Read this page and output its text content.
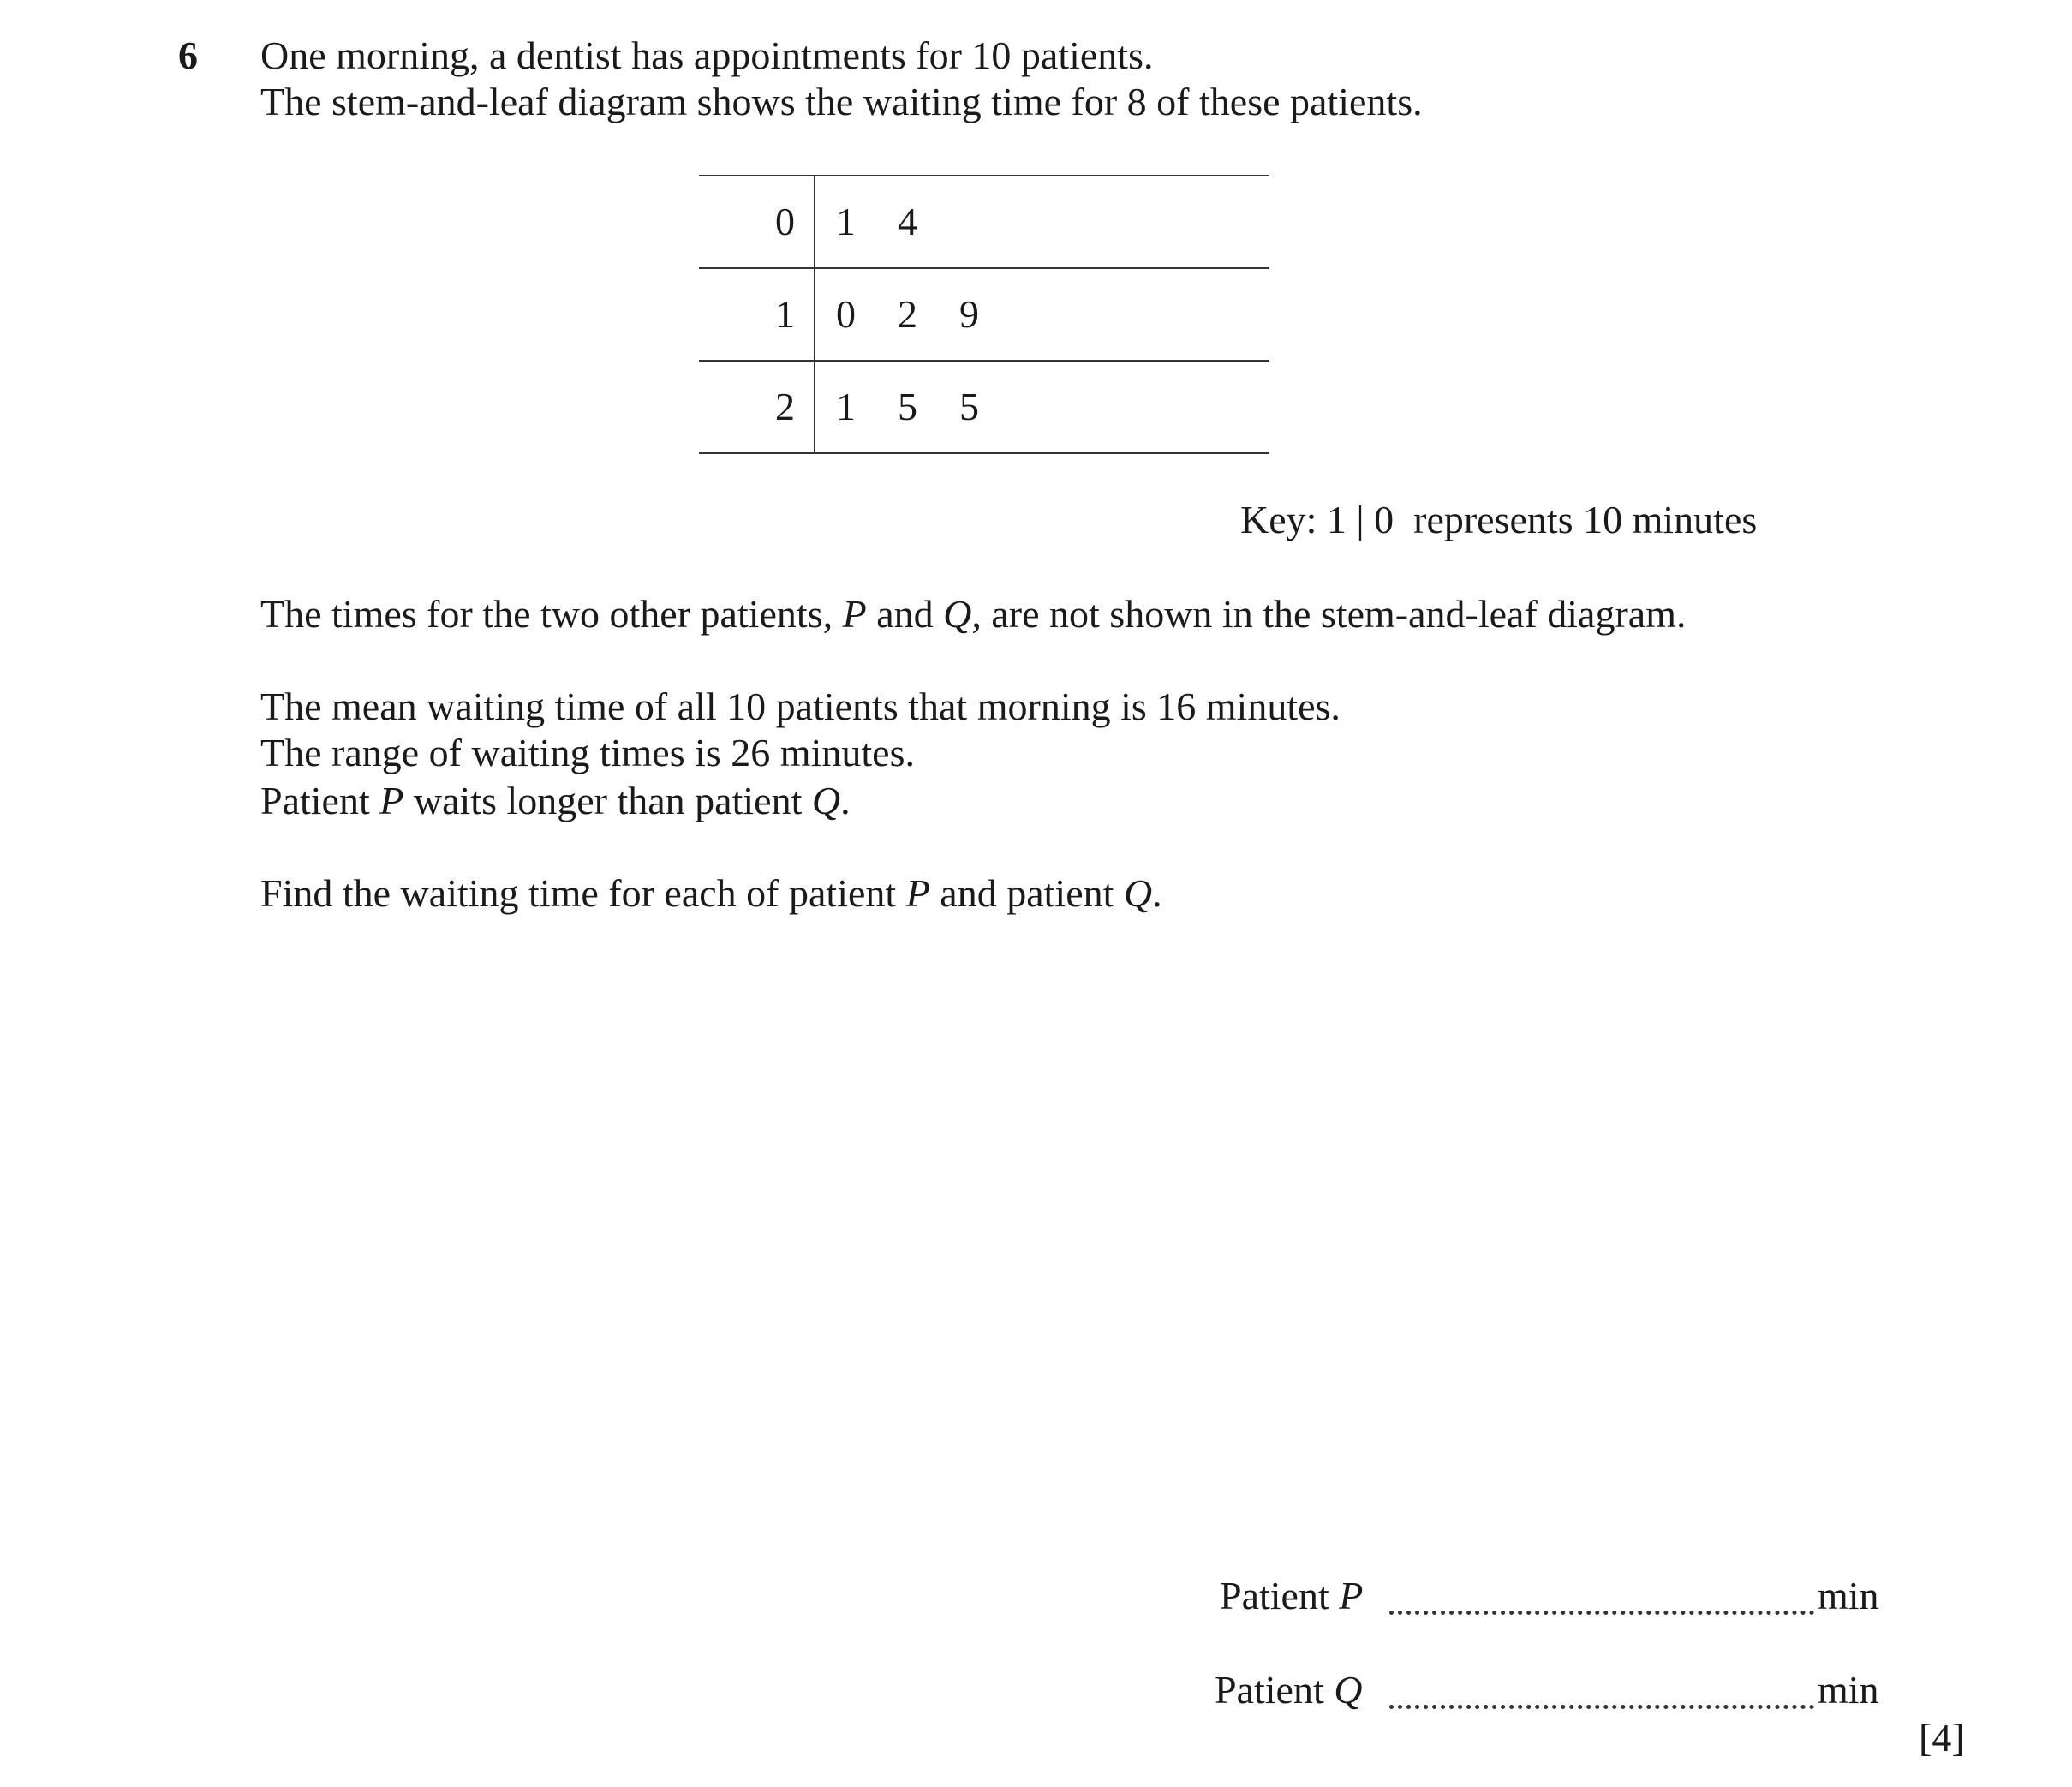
6 One morning, a dentist has appointments for 10 patients.
The stem-and-leaf diagram shows the waiting time for 8 of these patients.
0 1	4
1 0	2	9
2 1	5	5
Key: 1 | 0  represents 10 minutes
The times for the two other patients, P and Q, are not shown in the stem-and-leaf diagram.
The mean waiting time of all 10 patients that morning is 16 minutes.
The range of waiting times is 26 minutes.
Patient P waits longer than patient Q.
Find the waiting time for each of patient P and patient Q.
Patient P	min
Patient Q	min
[4]
